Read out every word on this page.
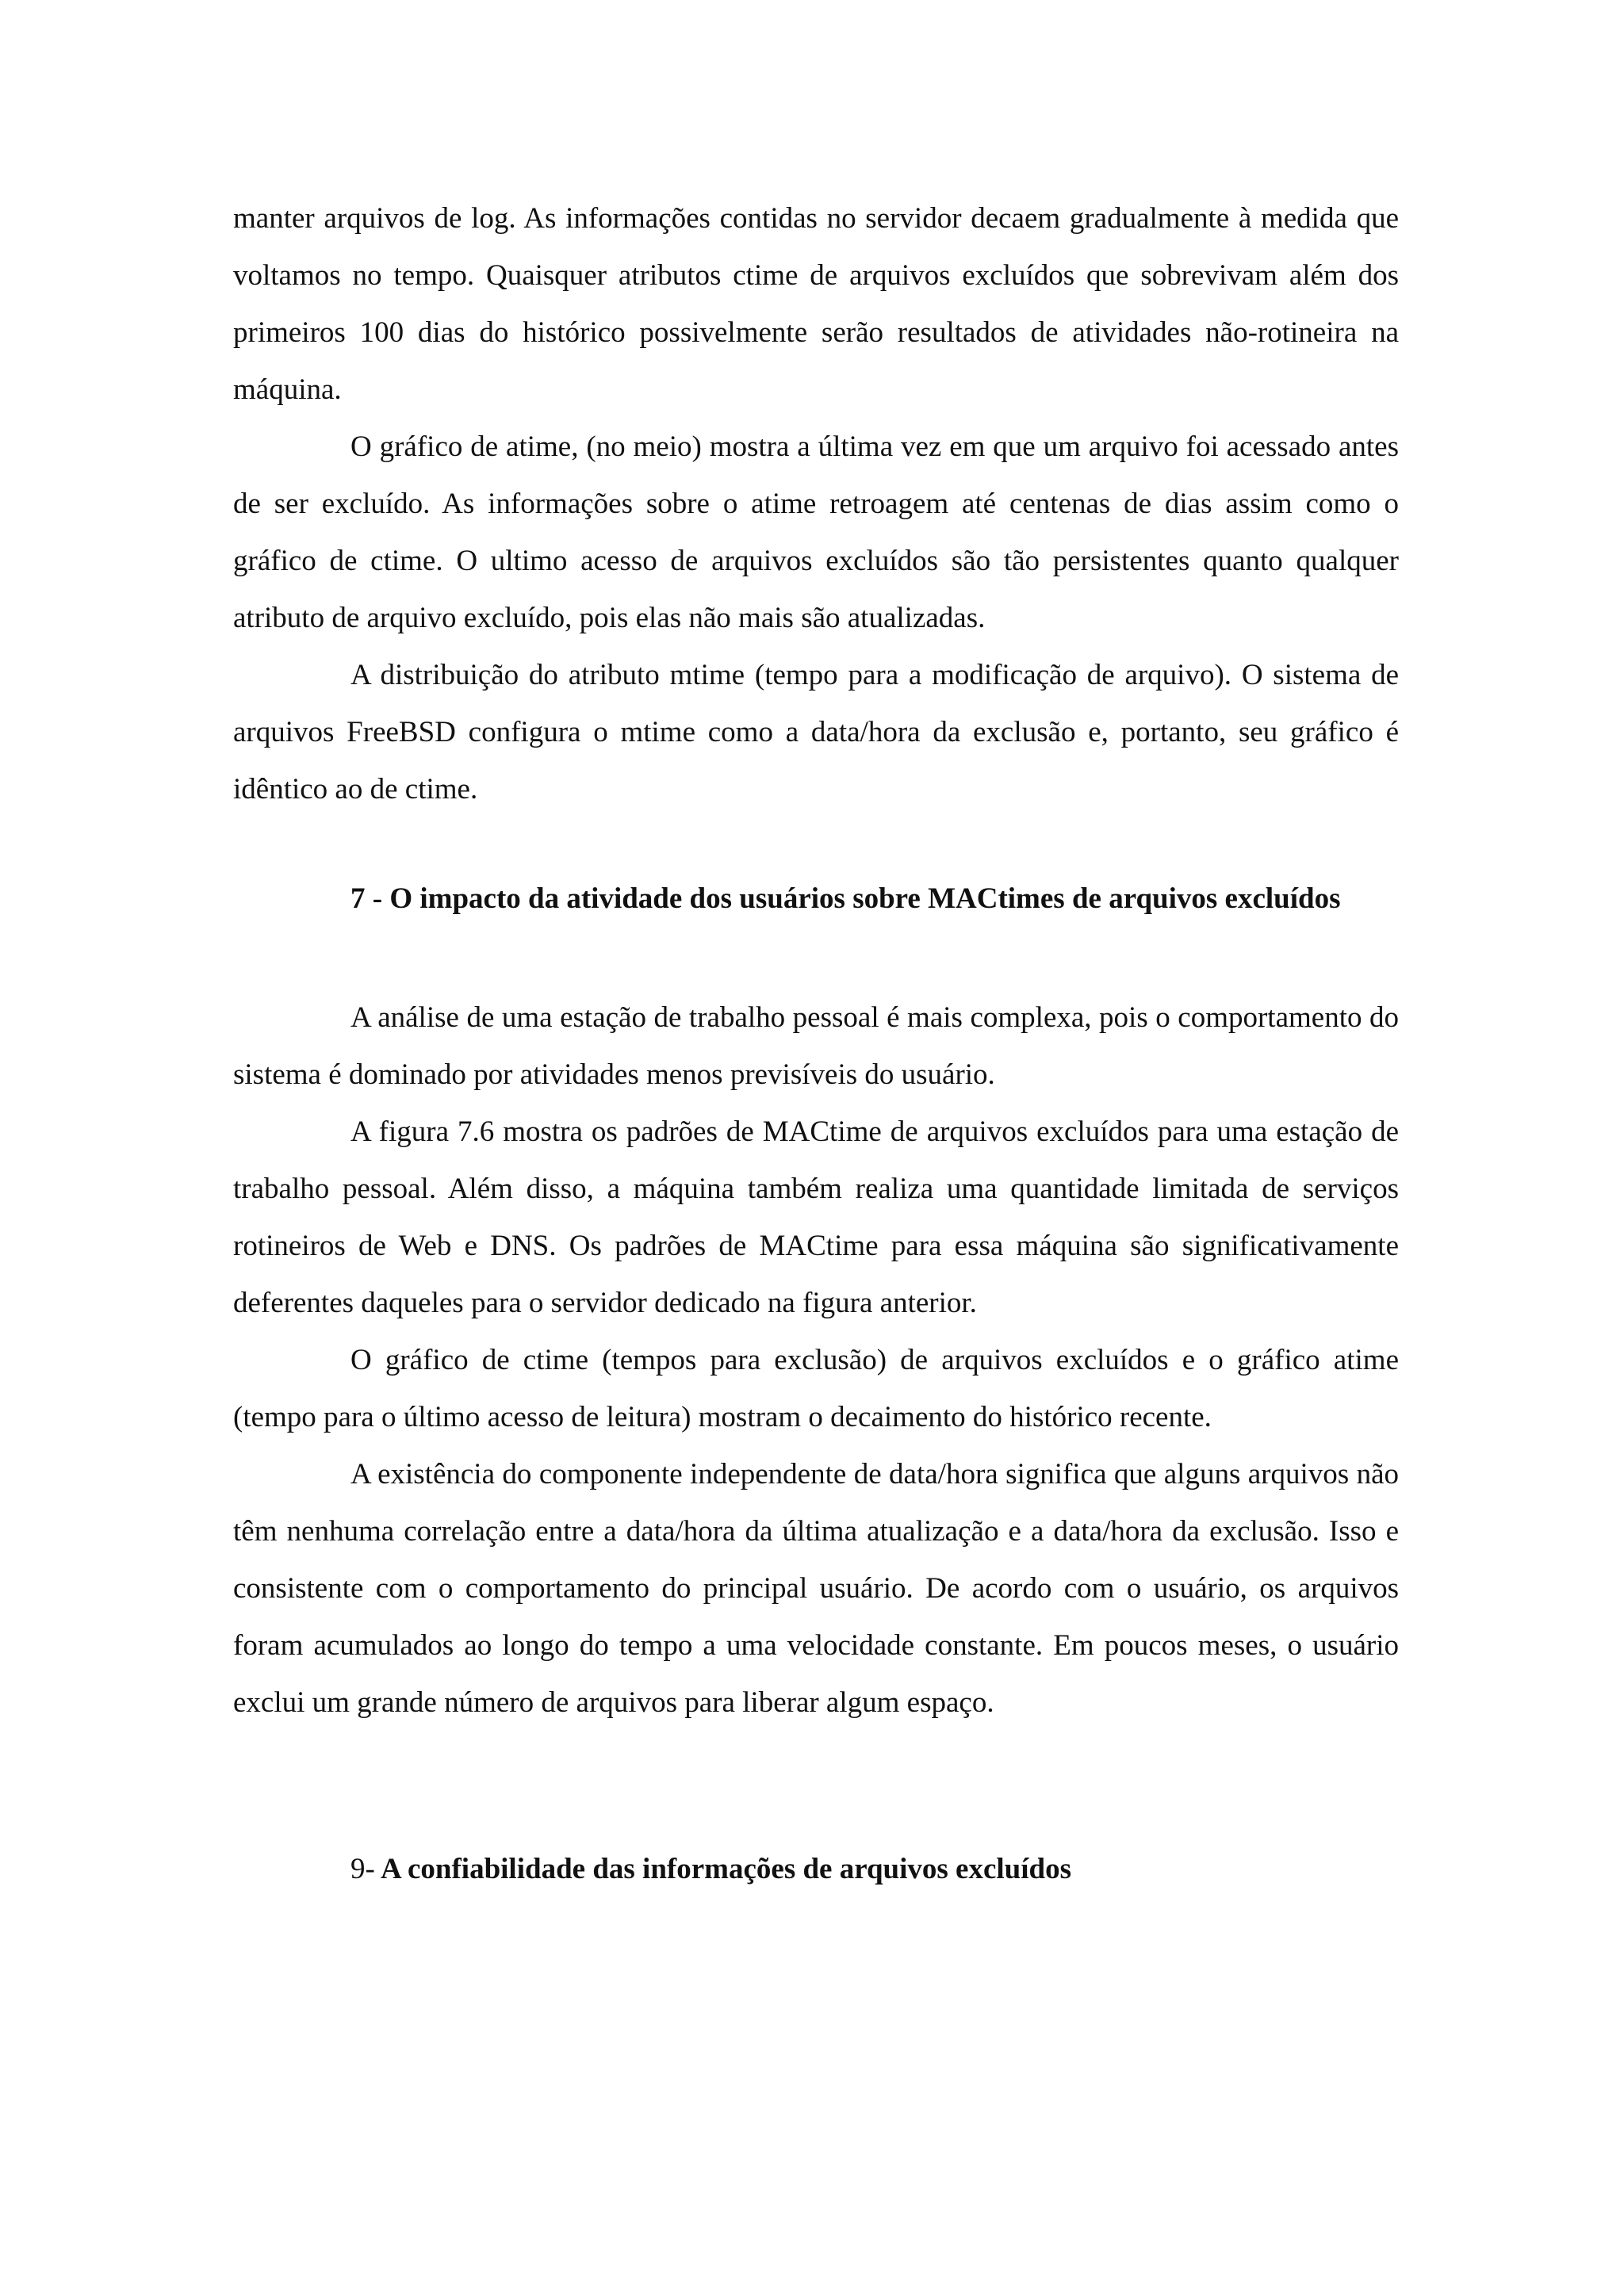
manter arquivos de log. As informações contidas no servidor decaem gradualmente à medida que voltamos no tempo. Quaisquer atributos ctime de arquivos excluídos que sobrevivam além dos primeiros 100 dias do histórico possivelmente serão resultados de atividades não-rotineira na máquina.

O gráfico de atime, (no meio) mostra a última vez em que um arquivo foi acessado antes de ser excluído. As informações sobre o atime retroagem até centenas de dias assim como o gráfico de ctime. O ultimo acesso de arquivos excluídos são tão persistentes quanto qualquer atributo de arquivo excluído, pois elas não mais são atualizadas.

A distribuição do atributo mtime (tempo para a modificação de arquivo). O sistema de arquivos FreeBSD configura o mtime como a data/hora da exclusão e, portanto, seu gráfico é idêntico ao de ctime.

7 - O impacto da atividade dos usuários sobre MACtimes de arquivos excluídos

A análise de uma estação de trabalho pessoal é mais complexa, pois o comportamento do sistema é dominado por atividades menos previsíveis do usuário.

A figura 7.6 mostra os padrões de MACtime de arquivos excluídos para uma estação de trabalho pessoal. Além disso, a máquina também realiza uma quantidade limitada de serviços rotineiros de Web e DNS. Os padrões de MACtime para essa máquina são significativamente deferentes daqueles para o servidor dedicado na figura anterior.

O gráfico de ctime (tempos para exclusão) de arquivos excluídos e o gráfico atime (tempo para o último acesso de leitura) mostram o decaimento do histórico recente.

A existência do componente independente de data/hora significa que alguns arquivos não têm nenhuma correlação entre a data/hora da última atualização e a data/hora da exclusão. Isso e consistente com o comportamento do principal usuário. De acordo com o usuário, os arquivos foram acumulados ao longo do tempo a uma velocidade constante. Em poucos meses, o usuário exclui um grande número de arquivos para liberar algum espaço.

9- A confiabilidade das informações de arquivos excluídos
